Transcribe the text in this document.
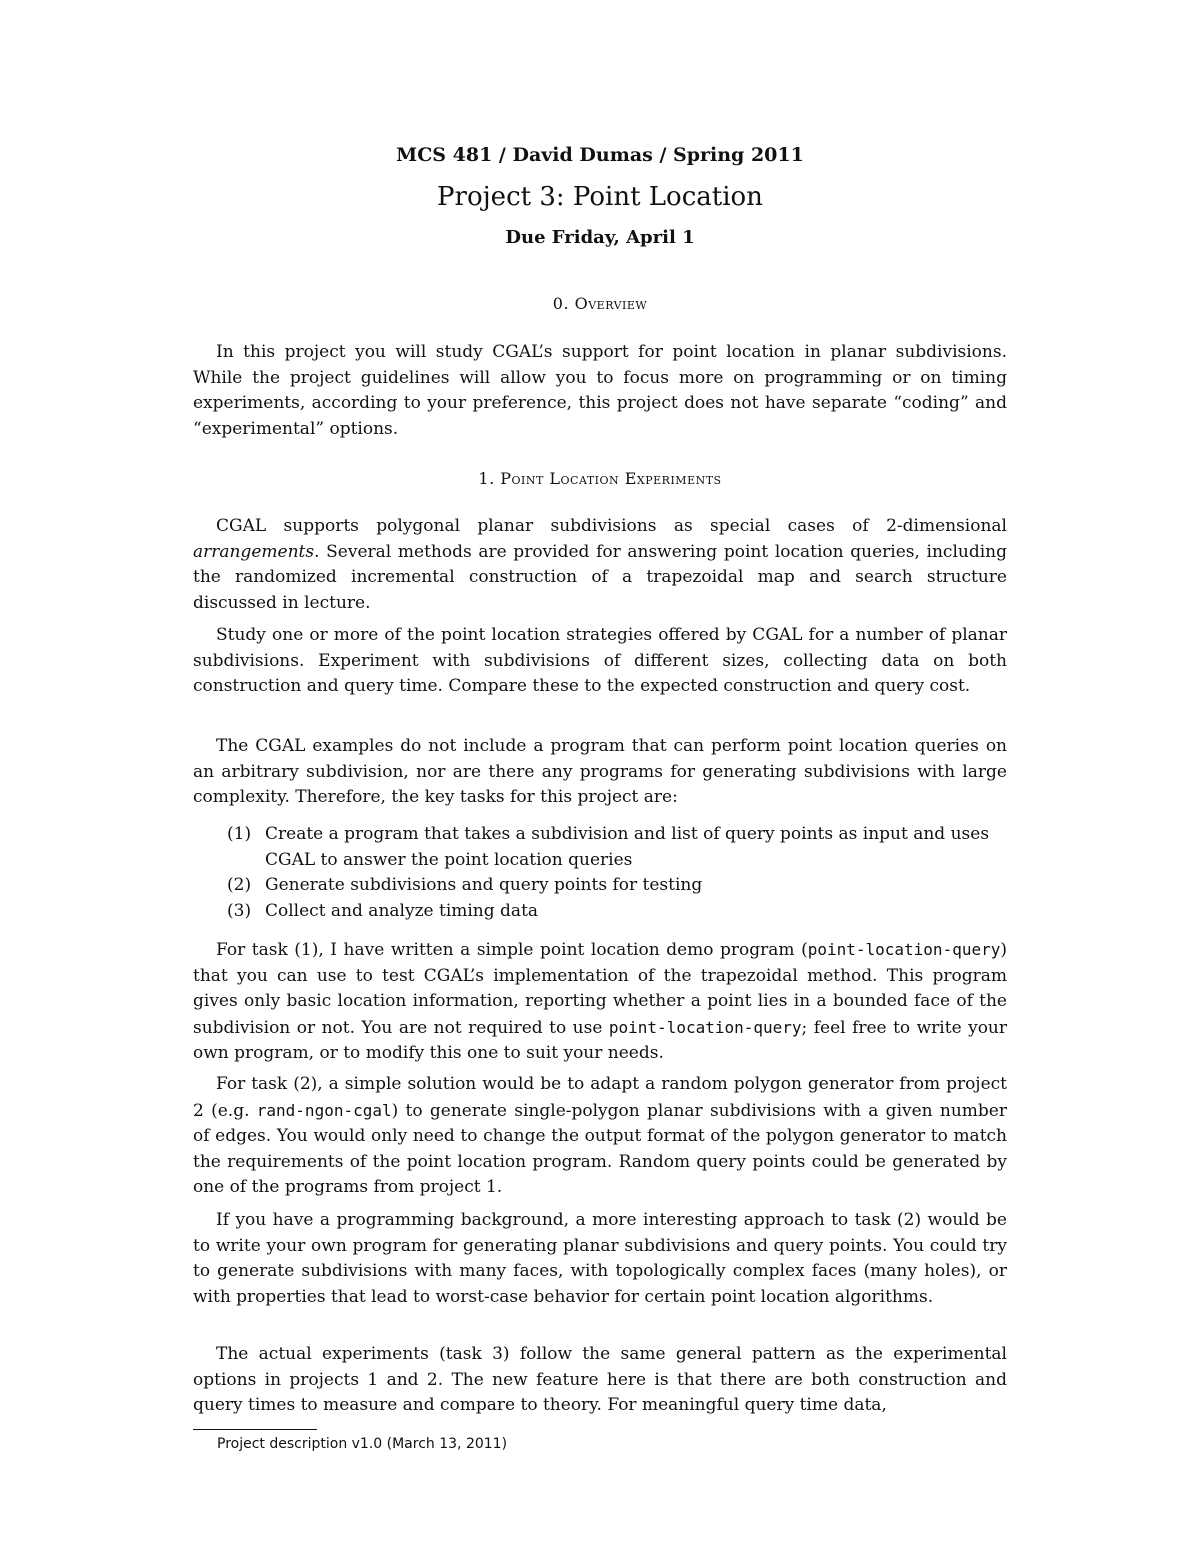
MCS 481 / David Dumas / Spring 2011
Project 3: Point Location
Due Friday, April 1
0. Overview

In this project you will study CGAL’s support for point location in planar subdivisions. While the project guidelines will allow you to focus more on programming or on timing experiments, according to your preference, this project does not have separate “coding” and “experimental” options.

1. Point Location Experiments

CGAL supports polygonal planar subdivisions as special cases of 2-dimensional arrangements. Several methods are provided for answering point location queries, including the randomized incremental construction of a trapezoidal map and search structure discussed in lecture.

Study one or more of the point location strategies offered by CGAL for a number of planar subdivisions. Experiment with subdivisions of different sizes, collecting data on both construction and query time. Compare these to the expected construction and query cost.

The CGAL examples do not include a program that can perform point location queries on an arbitrary subdivision, nor are there any programs for generating subdivisions with large complexity. Therefore, the key tasks for this project are:

(1) Create a program that takes a subdivision and list of query points as input and uses CGAL to answer the point location queries
(2) Generate subdivisions and query points for testing
(3) Collect and analyze timing data

For task (1), I have written a simple point location demo program (point-location-query) that you can use to test CGAL’s implementation of the trapezoidal method. This program gives only basic location information, reporting whether a point lies in a bounded face of the subdivision or not. You are not required to use point-location-query; feel free to write your own program, or to modify this one to suit your needs.

For task (2), a simple solution would be to adapt a random polygon generator from project 2 (e.g. rand-ngon-cgal) to generate single-polygon planar subdivisions with a given number of edges. You would only need to change the output format of the polygon generator to match the requirements of the point location program. Random query points could be generated by one of the programs from project 1.

If you have a programming background, a more interesting approach to task (2) would be to write your own program for generating planar subdivisions and query points. You could try to generate subdivisions with many faces, with topologically complex faces (many holes), or with properties that lead to worst-case behavior for certain point location algorithms.

The actual experiments (task 3) follow the same general pattern as the experimental options in projects 1 and 2. The new feature here is that there are both construction and query times to measure and compare to theory. For meaningful query time data,

Project description v1.0 (March 13, 2011)
